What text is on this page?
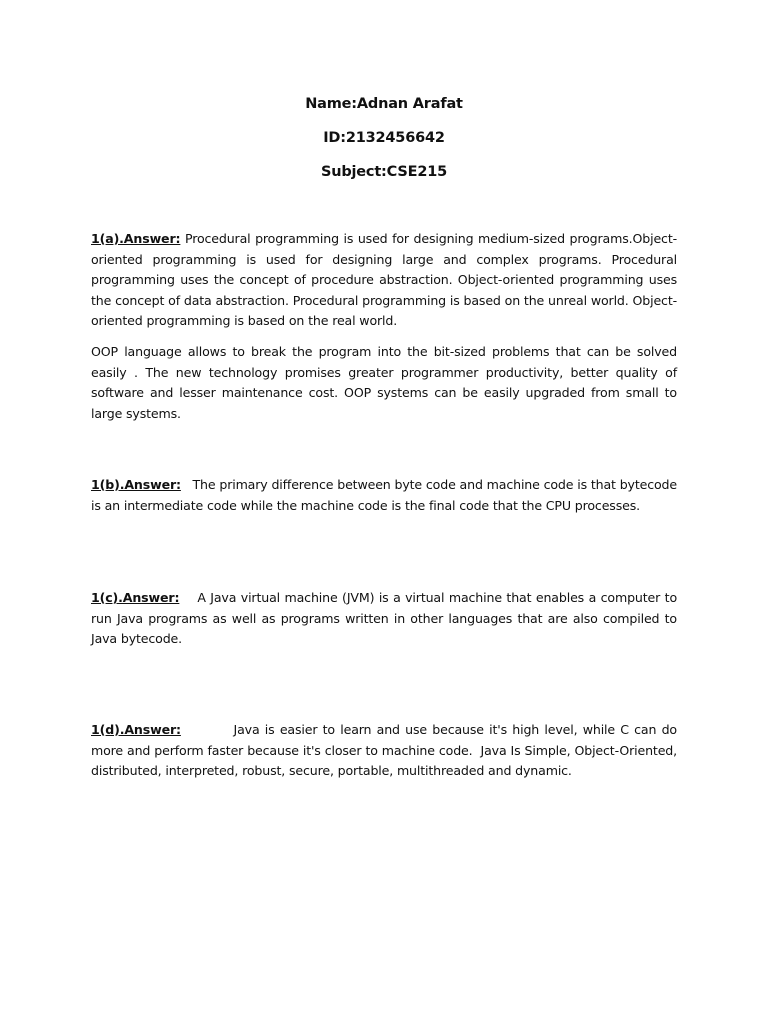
Name:Adnan Arafat
ID:2132456642
Subject:CSE215

1(a).Answer: Procedural programming is used for designing medium-sized programs.Object-oriented programming is used for designing large and complex programs. Procedural programming uses the concept of procedure abstraction. Object-oriented programming uses the concept of data abstraction. Procedural programming is based on the unreal world. Object-oriented programming is based on the real world.

OOP language allows to break the program into the bit-sized problems that can be solved easily . The new technology promises greater programmer productivity, better quality of software and lesser maintenance cost. OOP systems can be easily upgraded from small to large systems.

1(b).Answer:   The primary difference between byte code and machine code is that bytecode is an intermediate code while the machine code is the final code that the CPU processes.

1(c).Answer:    A Java virtual machine (JVM) is a virtual machine that enables a computer to run Java programs as well as programs written in other languages that are also compiled to Java bytecode.

1(d).Answer:          Java is easier to learn and use because it's high level, while C can do more and perform faster because it's closer to machine code.  Java Is Simple, Object-Oriented, distributed, interpreted, robust, secure, portable, multithreaded and dynamic.
